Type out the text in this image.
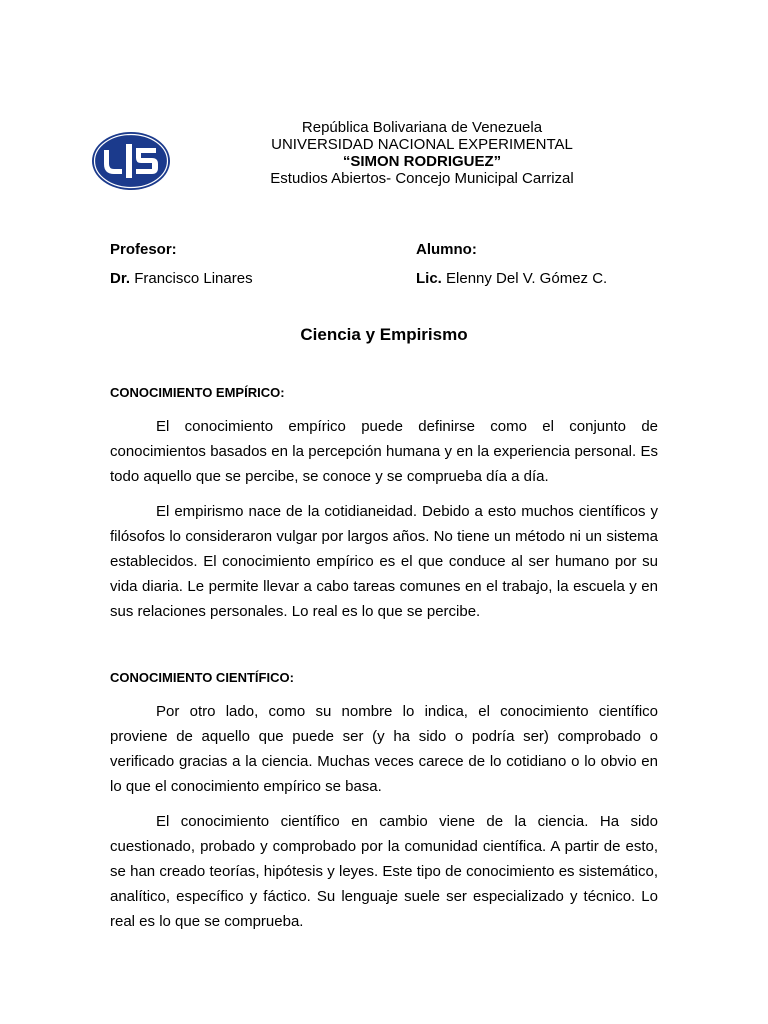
República Bolivariana de Venezuela
UNIVERSIDAD NACIONAL EXPERIMENTAL
“SIMON RODRIGUEZ”
Estudios Abiertos- Concejo Municipal Carrizal
Profesor:	Alumno:
Dr. Francisco Linares	Lic. Elenny Del V. Gómez C.
Ciencia y Empirismo
CONOCIMIENTO EMPÍRICO:

El conocimiento empírico puede definirse como el conjunto de conocimientos basados en la percepción humana y en la experiencia personal. Es todo aquello que se percibe, se conoce y se comprueba día a día.

El empirismo nace de la cotidianeidad. Debido a esto muchos científicos y filósofos lo consideraron vulgar por largos años. No tiene un método ni un sistema establecidos. El conocimiento empírico es el que conduce al ser humano por su vida diaria. Le permite llevar a cabo tareas comunes en el trabajo, la escuela y en sus relaciones personales. Lo real es lo que se percibe.

CONOCIMIENTO CIENTÍFICO:

Por otro lado, como su nombre lo indica, el conocimiento científico proviene de aquello que puede ser (y ha sido o podría ser) comprobado o verificado gracias a la ciencia. Muchas veces carece de lo cotidiano o lo obvio en lo que el conocimiento empírico se basa.

El conocimiento científico en cambio viene de la ciencia. Ha sido cuestionado, probado y comprobado por la comunidad científica. A partir de esto, se han creado teorías, hipótesis y leyes. Este tipo de conocimiento es sistemático, analítico, específico y fáctico. Su lenguaje suele ser especializado y técnico. Lo real es lo que se comprueba.
